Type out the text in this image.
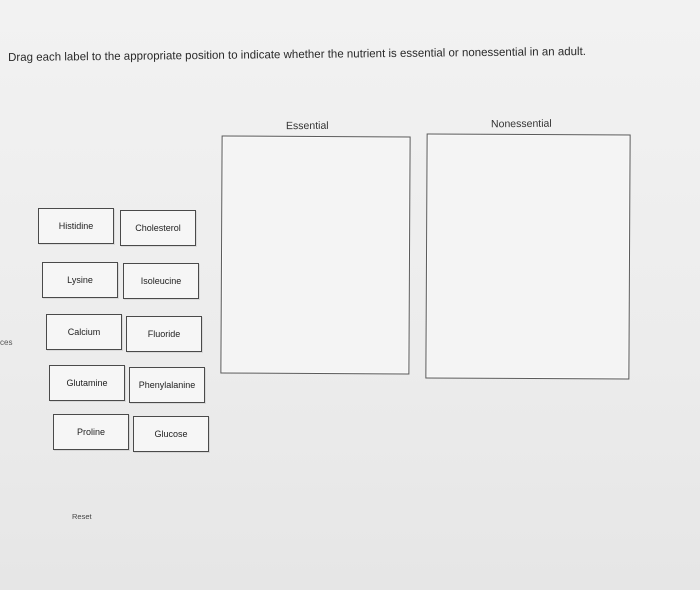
Drag each label to the appropriate position to indicate whether the nutrient is essential or nonessential in an adult.
ces
Essential	Nonessential
Histidine	Cholesterol
Lysine	Isoleucine
Calcium	Fluoride
Glutamine	Phenylalanine
Proline	Glucose
Reset
